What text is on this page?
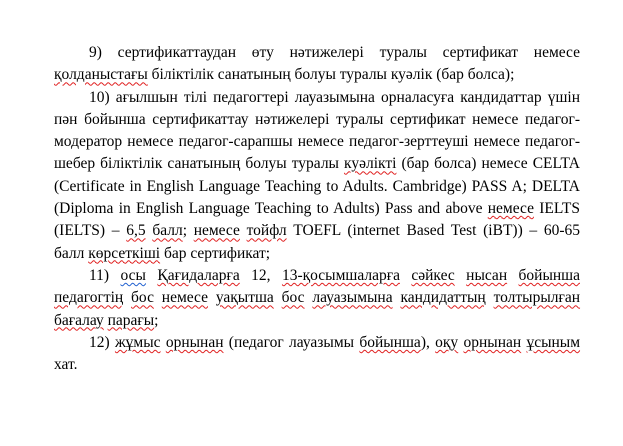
9) сертификаттаудан өту нәтижелері туралы сертификат немесе қолданыстағы біліктілік санатының болуы туралы куәлік (бар болса);

10) ағылшын тілі педагогтері лауазымына орналасуға кандидаттар үшін пән бойынша сертификаттау нәтижелері туралы сертификат немесе педагог-модератор немесе педагог-сарапшы немесе педагог-зерттеуші немесе педагог-шебер біліктілік санатының болуы туралы куәлікті (бар болса) немесе CELTA (Certificate in English Language Teaching to Adults. Cambridge) PASS A; DELTA (Diploma in English Language Teaching to Adults) Pass and above немесе IELTS (IELTS) – 6,5 балл; немесе тойфл TOEFL (internet Based Test (iBT)) – 60-65 балл көрсеткіші бар сертификат;

11) осы Қағидаларға 12, 13-қосымшаларға сәйкес нысан бойынша педагогтің бос немесе уақытша бос лауазымына кандидаттың толтырылған бағалау парағы;

12) жұмыс орнынан (педагог лауазымы бойынша), оқу орнынан ұсыным хат.
